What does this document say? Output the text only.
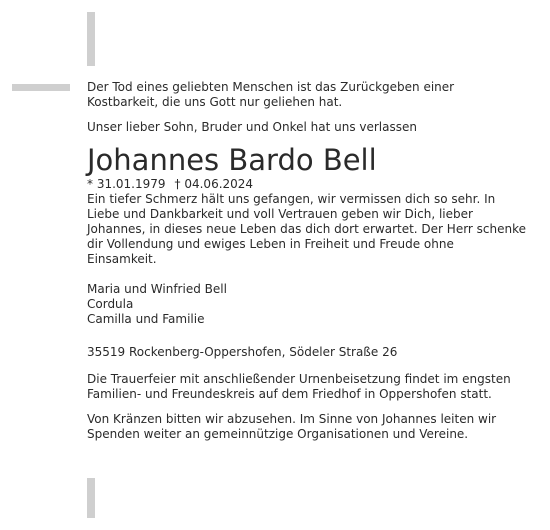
Der Tod eines geliebten Menschen ist das Zurückgeben einer Kostbarkeit, die uns Gott nur geliehen hat.

Unser lieber Sohn, Bruder und Onkel hat uns verlassen

Johannes Bardo Bell

* 31.01.1979 † 04.06.2024

Ein tiefer Schmerz hält uns gefangen, wir vermissen dich so sehr. In Liebe und Dankbarkeit und voll Vertrauen geben wir Dich, lieber Johannes, in dieses neue Leben das dich dort erwartet. Der Herr schenke dir Vollendung und ewiges Leben in Freiheit und Freude ohne Einsamkeit.

Maria und Winfried Bell
Cordula
Camilla und Familie

35519 Rockenberg-Oppershofen, Södeler Straße 26

Die Trauerfeier mit anschließender Urnenbeisetzung findet im engsten Familien- und Freundeskreis auf dem Friedhof in Oppershofen statt.

Von Kränzen bitten wir abzusehen. Im Sinne von Johannes leiten wir Spenden weiter an gemeinnützige Organisationen und Vereine.
